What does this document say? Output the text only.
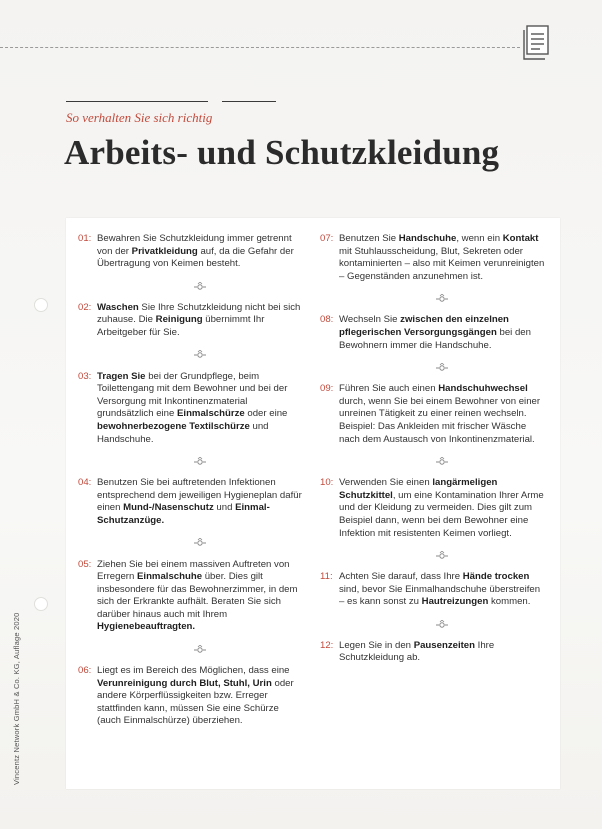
So verhalten Sie sich richtig
Arbeits- und Schutzkleidung
01: Bewahren Sie Schutzkleidung immer getrennt von der Privatkleidung auf, da die Gefahr der Übertragung von Keimen besteht.
02: Waschen Sie Ihre Schutzkleidung nicht bei sich zuhause. Die Reinigung übernimmt Ihr Arbeitgeber für Sie.
03: Tragen Sie bei der Grundpflege, beim Toilettengang mit dem Bewohner und bei der Versorgung mit Inkontinenzmaterial grundsätzlich eine Einmalschürze oder eine bewohnerbezogene Textilschürze und Handschuhe.
04: Benutzen Sie bei auftretenden Infektionen entsprechend dem jeweiligen Hygieneplan dafür einen Mund-/Nasenschutz und Einmal-Schutzanzüge.
05: Ziehen Sie bei einem massiven Auftreten von Erregern Einmalschuhe über. Dies gilt insbesondere für das Bewohnerzimmer, in dem sich der Erkrankte aufhält. Beraten Sie sich darüber hinaus auch mit Ihrem Hygienebeauftragten.
06: Liegt es im Bereich des Möglichen, dass eine Verunreinigung durch Blut, Stuhl, Urin oder andere Körperflüssigkeiten bzw. Erreger stattfinden kann, müssen Sie eine Schürze (auch Einmalschürze) überziehen.
07: Benutzen Sie Handschuhe, wenn ein Kontakt mit Stuhlausscheidung, Blut, Sekreten oder kontaminierten – also mit Keimen verunreinigten – Gegenständen anzunehmen ist.
08: Wechseln Sie zwischen den einzelnen pflegerischen Versorgungsgängen bei den Bewohnern immer die Handschuhe.
09: Führen Sie auch einen Handschuhwechsel durch, wenn Sie bei einem Bewohner von einer unreinen Tätigkeit zu einer reinen wechseln. Beispiel: Das Ankleiden mit frischer Wäsche nach dem Austausch von Inkontinenzmaterial.
10: Verwenden Sie einen langärmeligen Schutzkittel, um eine Kontamination Ihrer Arme und der Kleidung zu vermeiden. Dies gilt zum Beispiel dann, wenn bei dem Bewohner eine Infektion mit resistenten Keimen vorliegt.
11: Achten Sie darauf, dass Ihre Hände trocken sind, bevor Sie Einmalhandschuhe überstreifen – es kann sonst zu Hautreizungen kommen.
12: Legen Sie in den Pausenzeiten Ihre Schutzkleidung ab.
Vincentz Network GmbH & Co. KG, Auflage 2020
